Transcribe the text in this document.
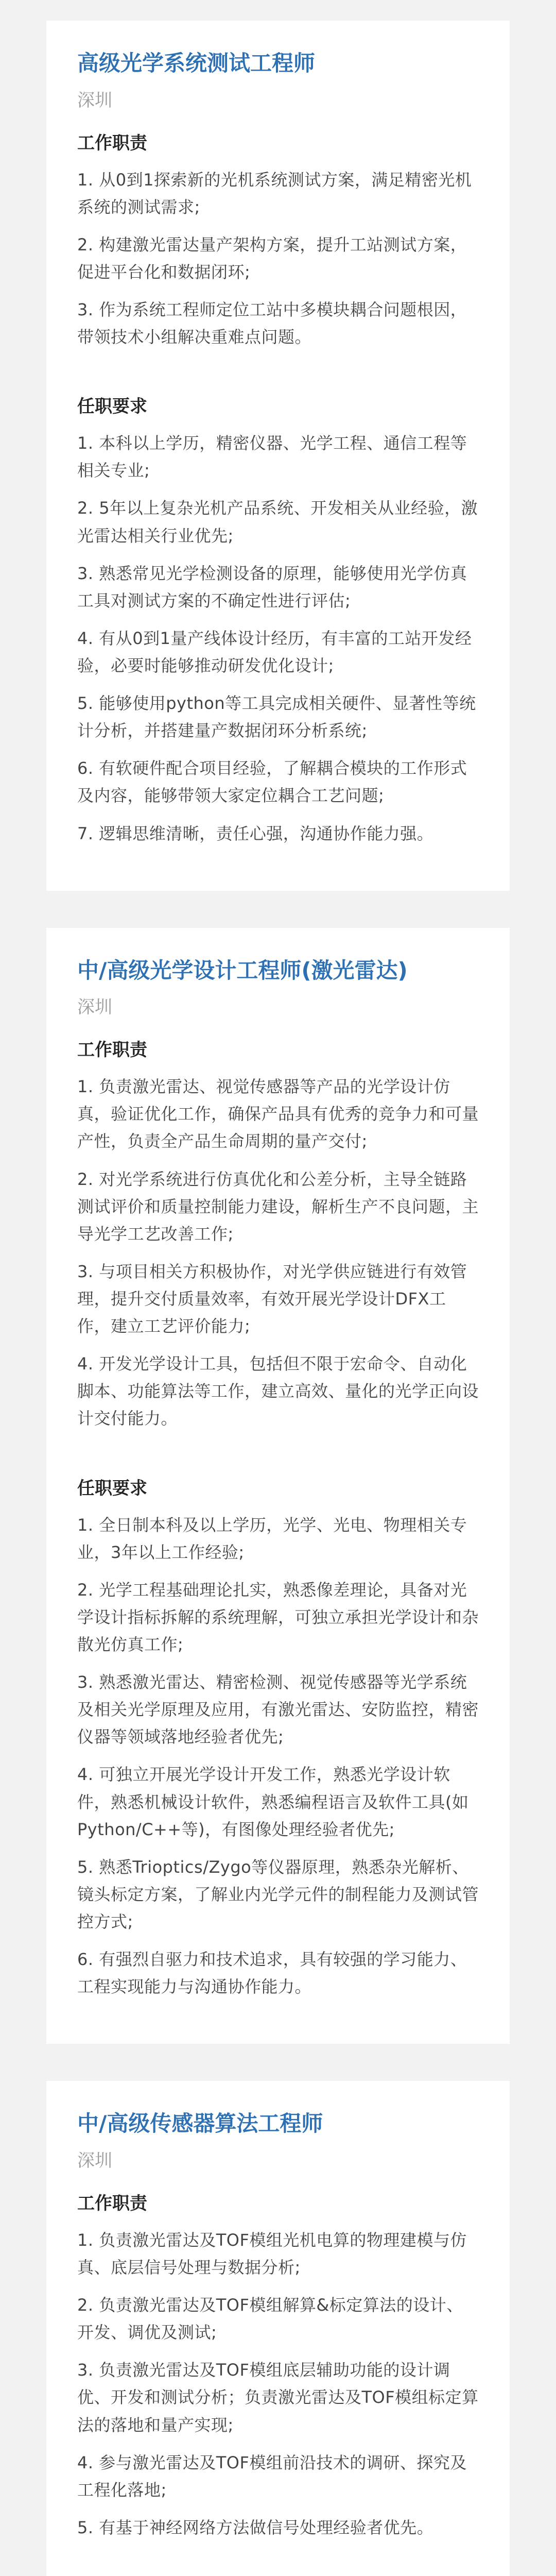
高级光学系统测试工程师
深圳
工作职责
1. 从0到1探索新的光机系统测试方案，满足精密光机系统的测试需求;
2. 构建激光雷达量产架构方案，提升工站测试方案，促进平台化和数据闭环;
3. 作为系统工程师定位工站中多模块耦合问题根因，带领技术小组解决重难点问题。
任职要求
1. 本科以上学历，精密仪器、光学工程、通信工程等相关专业;
2. 5年以上复杂光机产品系统、开发相关从业经验，激光雷达相关行业优先;
3. 熟悉常见光学检测设备的原理，能够使用光学仿真工具对测试方案的不确定性进行评估;
4. 有从0到1量产线体设计经历，有丰富的工站开发经验，必要时能够推动研发优化设计;
5. 能够使用python等工具完成相关硬件、显著性等统计分析，并搭建量产数据闭环分析系统;
6. 有软硬件配合项目经验，了解耦合模块的工作形式及内容，能够带领大家定位耦合工艺问题;
7. 逻辑思维清晰，责任心强，沟通协作能力强。
中/高级光学设计工程师(激光雷达)
深圳
工作职责
1. 负责激光雷达、视觉传感器等产品的光学设计仿真，验证优化工作，确保产品具有优秀的竞争力和可量产性，负责全产品生命周期的量产交付;
2. 对光学系统进行仿真优化和公差分析，主导全链路测试评价和质量控制能力建设，解析生产不良问题，主导光学工艺改善工作;
3. 与项目相关方积极协作，对光学供应链进行有效管理，提升交付质量效率，有效开展光学设计DFX工作，建立工艺评价能力;
4. 开发光学设计工具，包括但不限于宏命令、自动化脚本、功能算法等工作，建立高效、量化的光学正向设计交付能力。
任职要求
1. 全日制本科及以上学历，光学、光电、物理相关专业，3年以上工作经验;
2. 光学工程基础理论扎实，熟悉像差理论，具备对光学设计指标拆解的系统理解，可独立承担光学设计和杂散光仿真工作;
3. 熟悉激光雷达、精密检测、视觉传感器等光学系统及相关光学原理及应用，有激光雷达、安防监控，精密仪器等领域落地经验者优先;
4. 可独立开展光学设计开发工作，熟悉光学设计软件，熟悉机械设计软件，熟悉编程语言及软件工具(如Python/C++等)，有图像处理经验者优先;
5. 熟悉Trioptics/Zygo等仪器原理，熟悉杂光解析、镜头标定方案，了解业内光学元件的制程能力及测试管控方式;
6. 有强烈自驱力和技术追求，具有较强的学习能力、工程实现能力与沟通协作能力。
中/高级传感器算法工程师
深圳
工作职责
1. 负责激光雷达及TOF模组光机电算的物理建模与仿真、底层信号处理与数据分析;
2. 负责激光雷达及TOF模组解算&标定算法的设计、开发、调优及测试;
3. 负责激光雷达及TOF模组底层辅助功能的设计调优、开发和测试分析；负责激光雷达及TOF模组标定算法的落地和量产实现;
4. 参与激光雷达及TOF模组前沿技术的调研、探究及工程化落地;
5. 有基于神经网络方法做信号处理经验者优先。
